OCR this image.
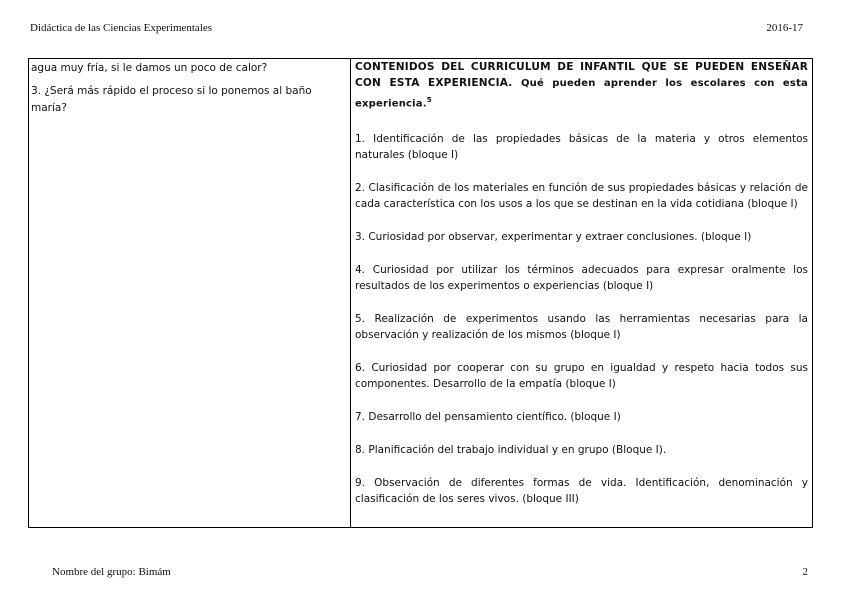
Didáctica de las Ciencias Experimentales	2016-17

agua muy fría, si le damos un poco de calor?

3. ¿Será más rápido el proceso si lo ponemos al baño maría?

CONTENIDOS DEL CURRICULUM DE INFANTIL QUE SE PUEDEN ENSEÑAR CON ESTA EXPERIENCIA. Qué pueden aprender los escolares con esta experiencia.$^5$

1. Identificación de las propiedades básicas de la materia y otros elementos naturales (bloque I)

2. Clasificación de los materiales en función de sus propiedades básicas y relación de cada característica con los usos a los que se destinan en la vida cotidiana (bloque I)

3. Curiosidad por observar, experimentar y extraer conclusiones. (bloque I)

4. Curiosidad por utilizar los términos adecuados para expresar oralmente los resultados de los experimentos o experiencias (bloque I)

5. Realización de experimentos usando las herramientas necesarias para la observación y realización de los mismos (bloque I)

6. Curiosidad por cooperar con su grupo en igualdad y respeto hacia todos sus componentes. Desarrollo de la empatía (bloque I)

7. Desarrollo del pensamiento científico. (bloque I)

8. Planificación del trabajo individual y en grupo (Bloque I).

9. Observación de diferentes formas de vida. Identificación, denominación y clasificación de los seres vivos. (bloque III)

Nombre del grupo: Bimám	2
